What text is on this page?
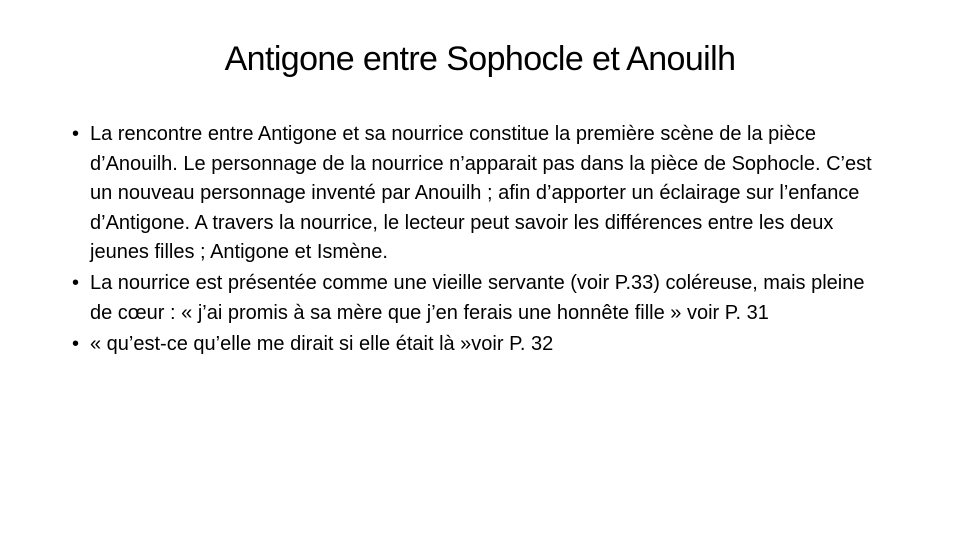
Antigone entre Sophocle et Anouilh
• La rencontre entre Antigone et sa nourrice constitue la première scène de la pièce d’Anouilh. Le personnage de la nourrice n’apparait pas dans la pièce de Sophocle. C’est un nouveau personnage inventé par Anouilh ; afin d’apporter un éclairage sur l’enfance d’Antigone. A travers la nourrice, le lecteur peut savoir les différences entre les deux jeunes filles ; Antigone et Ismène.
• La nourrice est présentée comme une vieille servante (voir P.33) coléreuse, mais pleine de cœur : « j’ai promis à sa mère que j’en ferais une honnête fille » voir P. 31
• « qu’est-ce qu’elle me dirait si elle était là »voir P. 32
